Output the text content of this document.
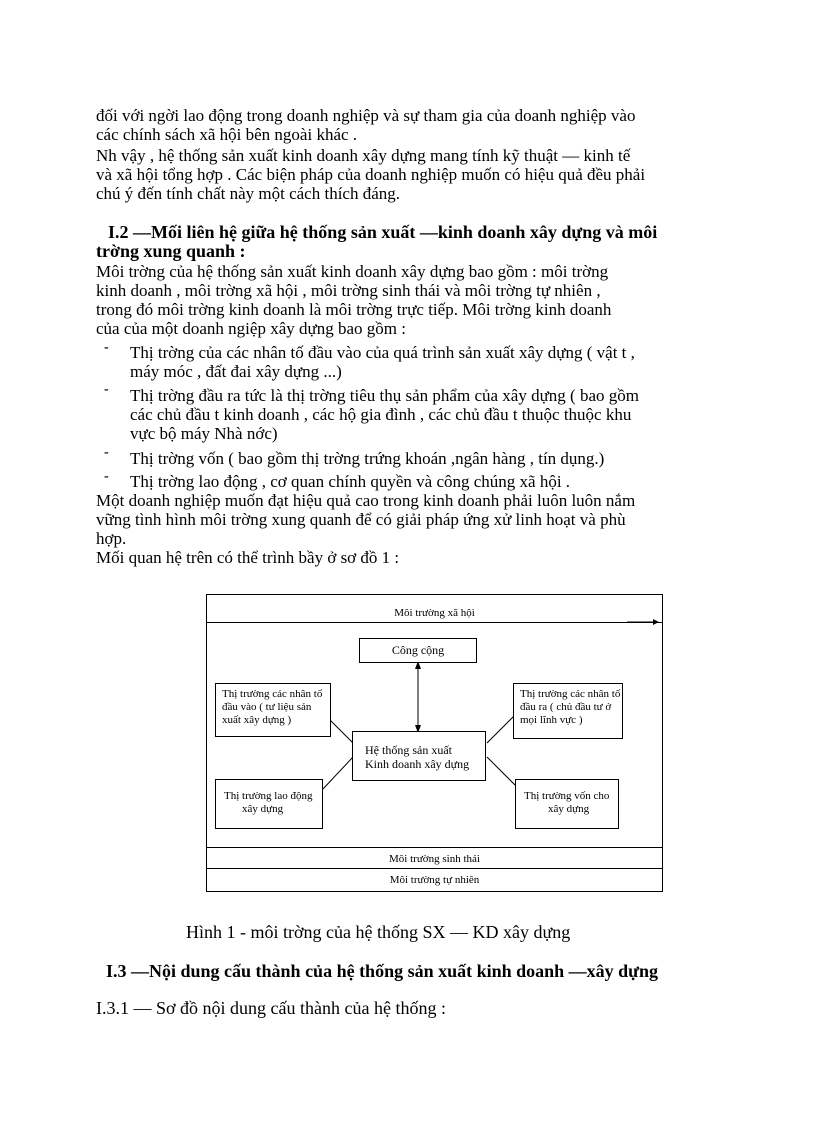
đối với ngời lao động trong doanh nghiệp và sự tham gia của doanh nghiệp vào
các chính sách xã hội bên ngoài khác .
Nh vậy , hệ thống sản xuất kinh doanh xây dựng mang tính kỹ thuật — kinh tế
và xã hội tổng hợp . Các biện pháp của doanh nghiệp muốn có hiệu quả đều phải
chú ý đến tính chất này một cách thích đáng.
I.2 —Mối liên hệ giữa hệ thống sản xuất —kinh doanh xây dựng và môi
trờng xung quanh :
Môi trờng của hệ thống sản xuất kinh doanh xây dựng bao gồm : môi trờng
kinh doanh , môi trờng xã hội , môi trờng sinh thái và môi trờng tự nhiên ,
trong đó môi trờng kinh doanh là môi trờng trực tiếp. Môi trờng kinh doanh
của của một doanh ngiệp xây dựng bao gồm :
- Thị trờng của các nhân tố đầu vào của quá trình sản xuất xây dựng ( vật t ,
máy móc , đất đai xây dựng ...)
- Thị trờng đầu ra tức là thị trờng tiêu thụ sản phẩm của xây dựng ( bao gồm
các chủ đầu t kinh doanh , các hộ gia đình , các chủ đầu t thuộc thuộc khu
vực bộ máy Nhà nớc)
- Thị trờng vốn ( bao gồm thị trờng trứng khoán ,ngân hàng , tín dụng.)
- Thị trờng lao động , cơ quan chính quyền và công chúng xã hội .
Một doanh nghiệp muốn đạt hiệu quả cao trong kinh doanh phải luôn luôn nắm
vững tình hình môi trờng xung quanh để có giải pháp ứng xử linh hoạt và phù
hợp.
Mối quan hệ trên có thể trình bầy ở sơ đồ 1 :
Môi trường xã hội
Công cộng
Thị trường các nhân tố
đầu vào ( tư liệu sản
xuất xây dựng )
Thị trường các nhân tố
đầu ra ( chủ đầu tư ở
mọi lĩnh vực )
Hệ thống sản xuất
Kinh doanh xây dựng
Thị trường lao động
xây dựng
Thị trường vốn cho
xây dựng
Môi trường sinh thái
Môi trường tự nhiên
Hình 1 - môi trờng của hệ thống SX — KD xây dựng
I.3 —Nội dung cấu thành của hệ thống sản xuất kinh doanh —xây dựng
I.3.1 — Sơ đồ nội dung cấu thành của hệ thống :
